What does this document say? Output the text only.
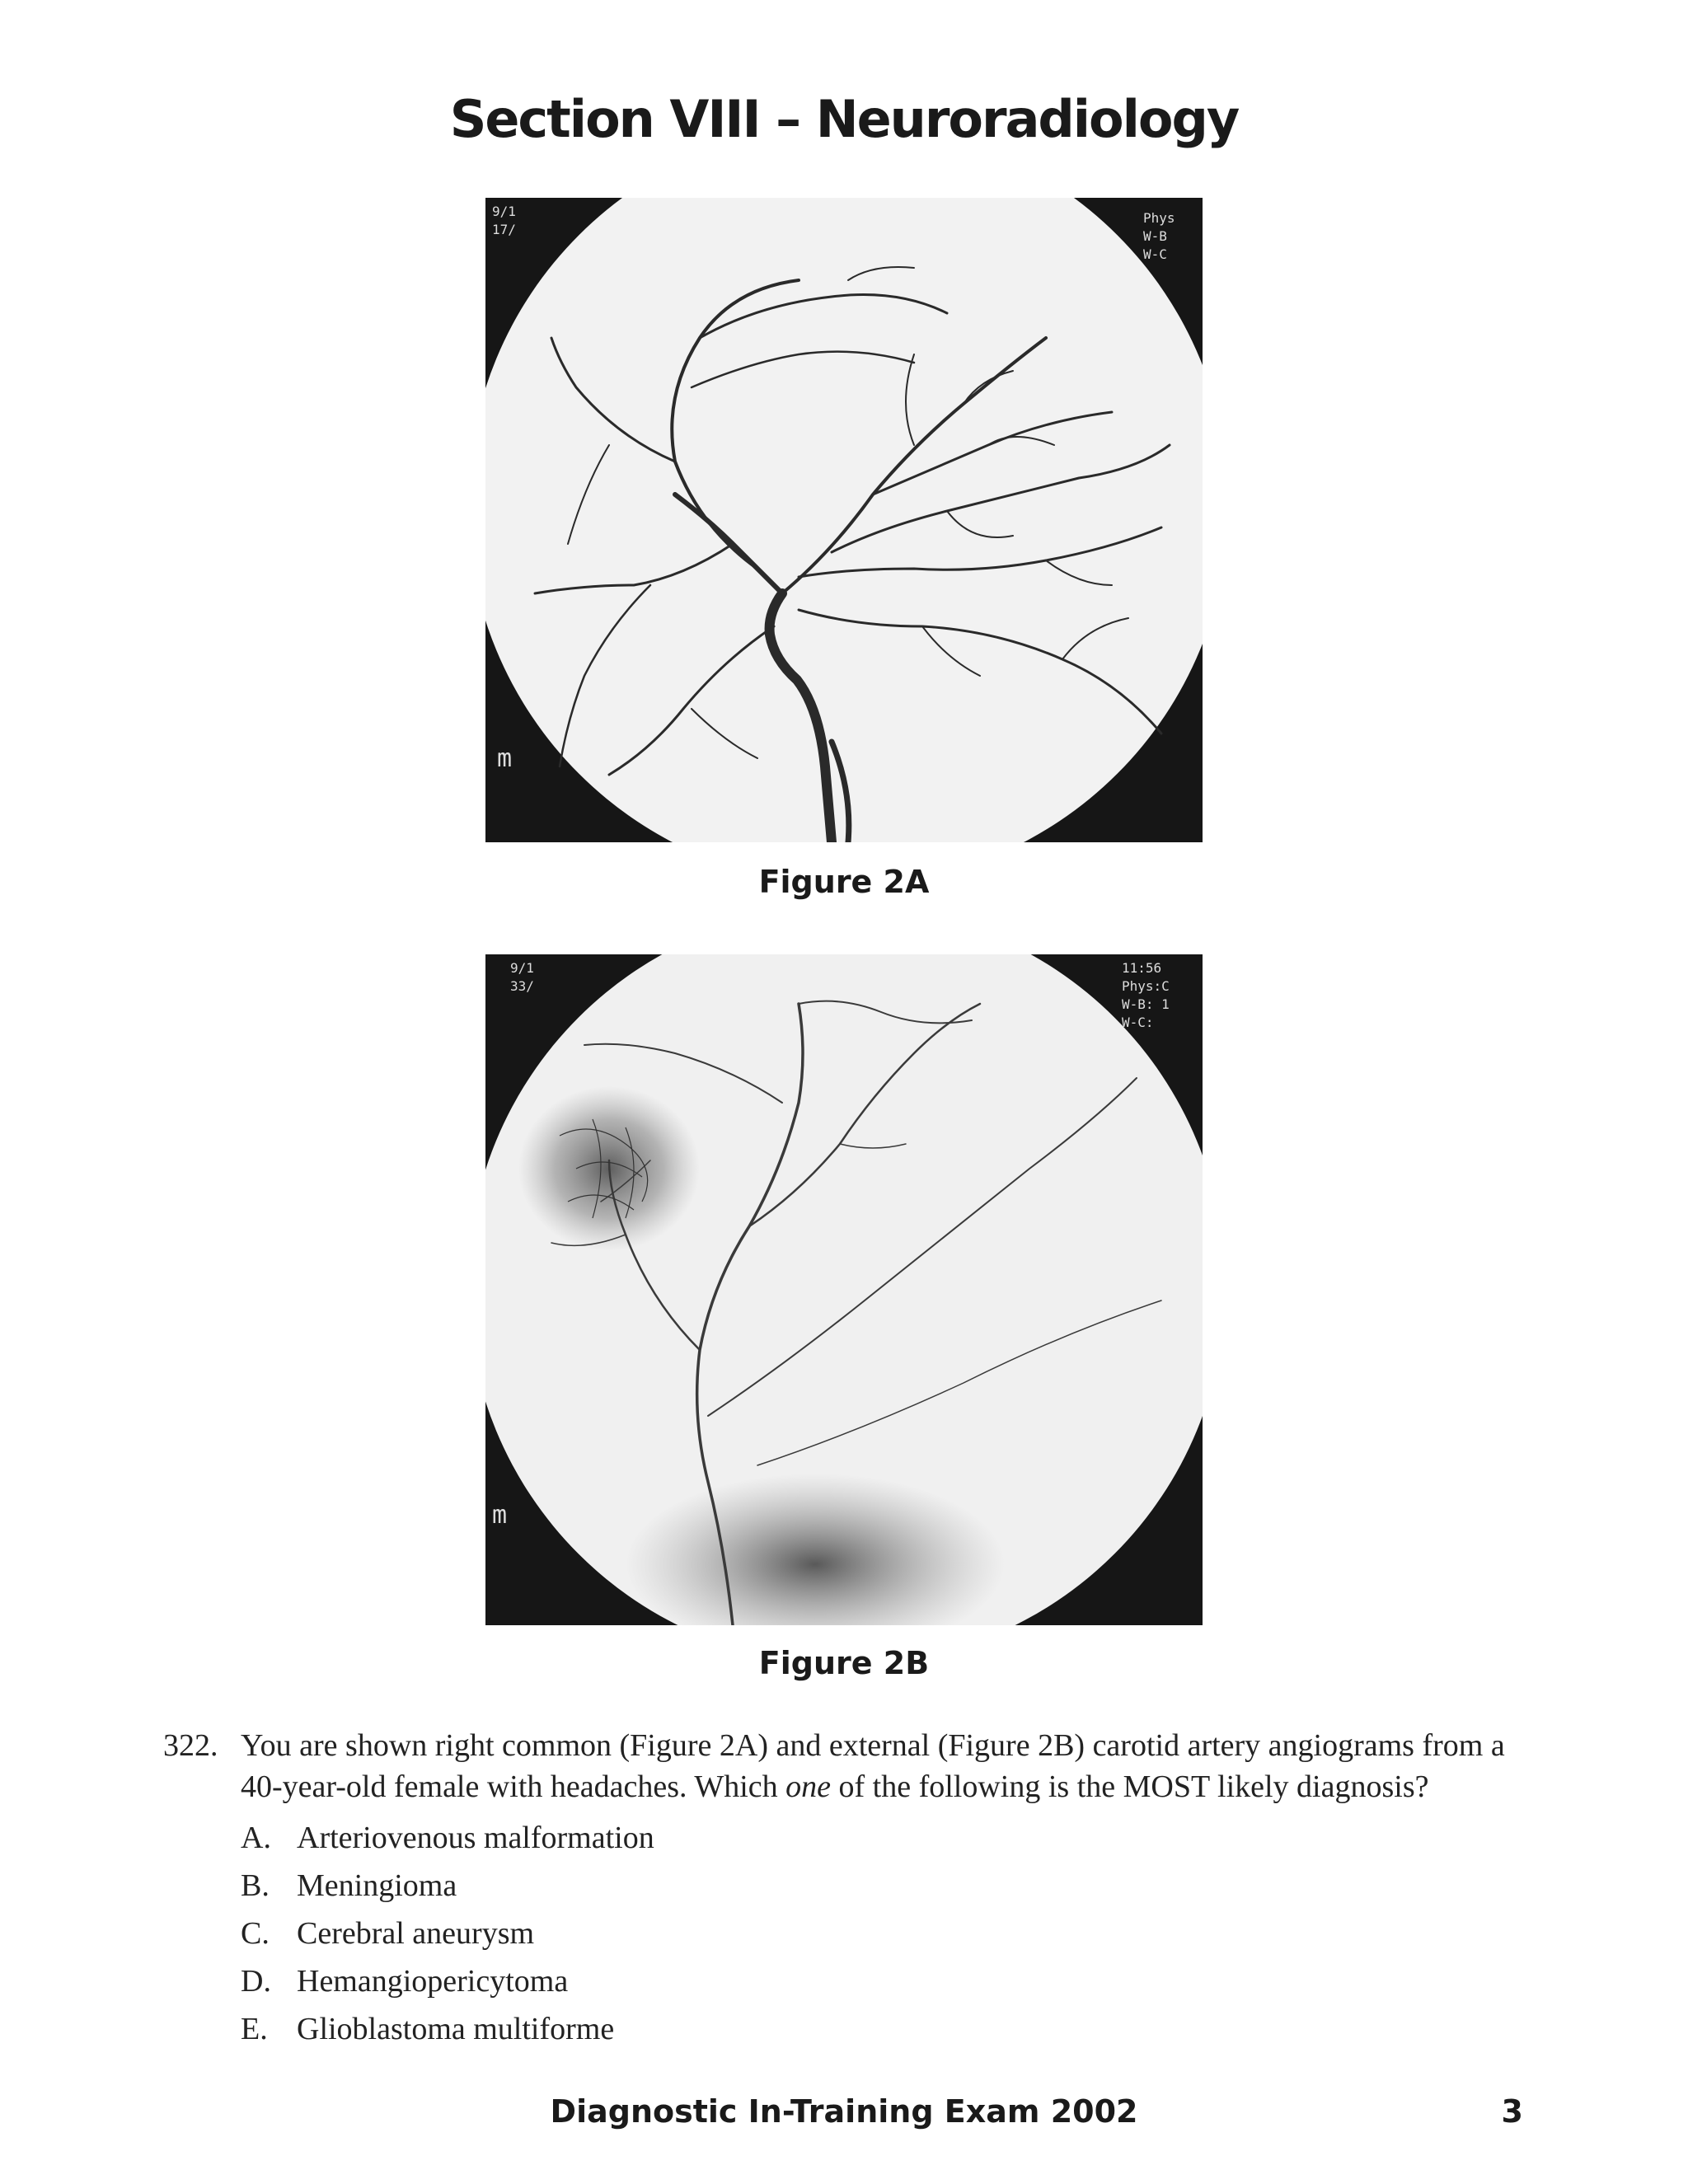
Section VIII – Neuroradiology
9/1
17/
Phys
W-B
W-C
m
Figure 2A
9/1
33/
11:56
Phys:C
W-B: 1
W-C:
m
Figure 2B
322. You are shown right common (Figure 2A) and external (Figure 2B) carotid artery angiograms from a 40-year-old female with headaches. Which one of the following is the MOST likely diagnosis?
A. Arteriovenous malformation
B. Meningioma
C. Cerebral aneurysm
D. Hemangiopericytoma
E. Glioblastoma multiforme
Diagnostic In-Training Exam 2002	3
